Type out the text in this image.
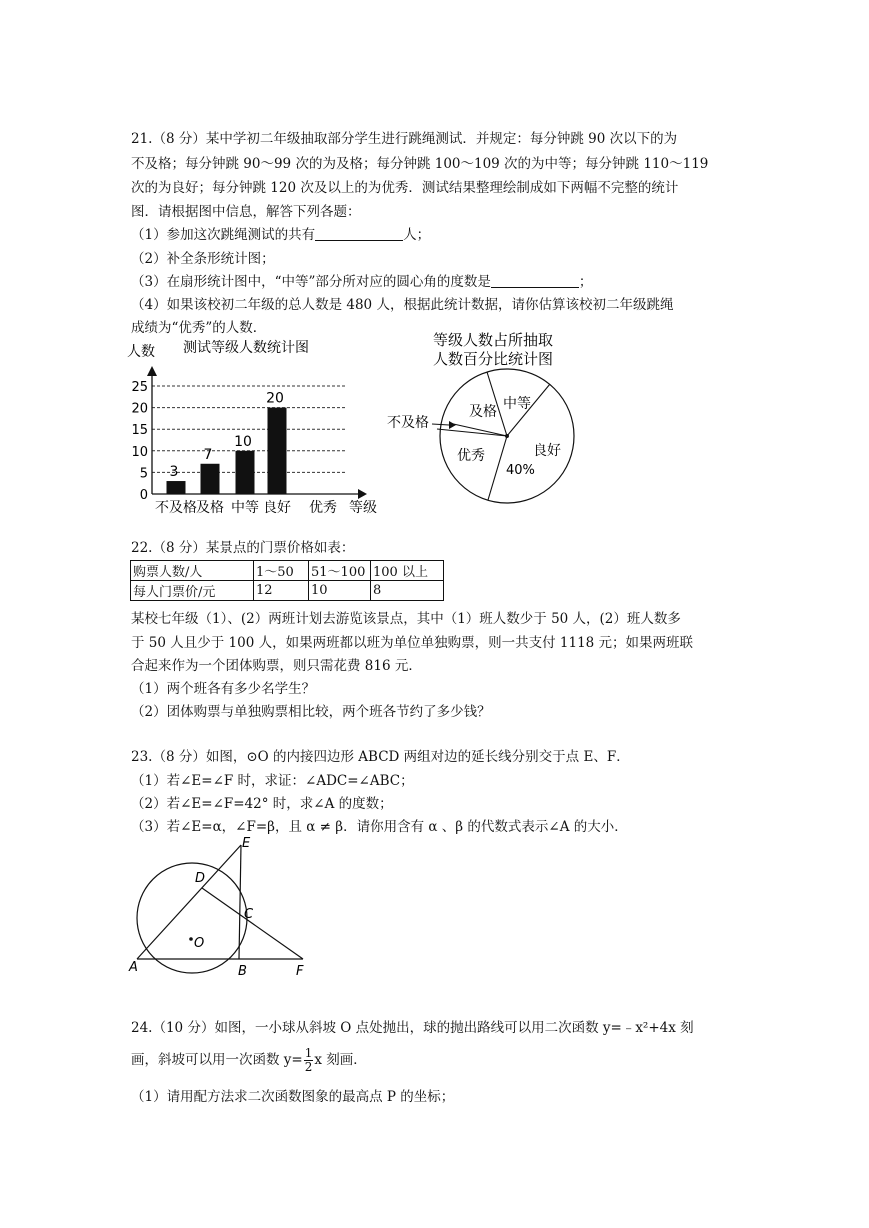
21.（8 分）某中学初二年级抽取部分学生进行跳绳测试．并规定：每分钟跳 90 次以下的为
不及格；每分钟跳 90～99 次的为及格；每分钟跳 100～109 次的为中等；每分钟跳 110～119
次的为良好；每分钟跳 120 次及以上的为优秀．测试结果整理绘制成如下两幅不完整的统计
图．请根据图中信息，解答下列各题：
（1）参加这次跳绳测试的共有	人；
（2）补全条形统计图；
（3）在扇形统计图中，“中等”部分所对应的圆心角的度数是	；
（4）如果该校初二年级的总人数是 480 人，根据此统计数据，请你估算该校初二年级跳绳
成绩为“优秀”的人数．
人数 测试等级人数统计图
0
5
10
15
20
25
3
不及格
7
及格
10
中等
20
良好 优秀 等级
等级人数占所抽取
人数百分比统计图
不及格
及格 中等
良好
优秀
40%
22.（8 分）某景点的门票价格如表：
购票人数/人	1～50	51～100	100 以上
每人门票价/元	12	10	8
某校七年级（1）、(2）两班计划去游览该景点，其中（1）班人数少于 50 人，(2）班人数多
于 50 人且少于 100 人，如果两班都以班为单位单独购票，则一共支付 1118 元；如果两班联
合起来作为一个团体购票，则只需花费 816 元．
（1）两个班各有多少名学生？
（2）团体购票与单独购票相比较，两个班各节约了多少钱？
23.（8 分）如图，⊙O 的内接四边形 ABCD 两组对边的延长线分别交于点 E、F．
（1）若∠E=∠F 时，求证：∠ADC=∠ABC；
（2）若∠E=∠F=42° 时，求∠A 的度数；
（3）若∠E=α，∠F=β，且 α ≠ β．请你用含有 α 、β 的代数式表示∠A 的大小．
E
D
C
O
A	B	F
24.（10 分）如图，一小球从斜坡 O 点处抛出，球的抛出路线可以用二次函数 y=﹣x²+4x 刻
画，斜坡可以用一次函数 $y= \frac{1}{2}$ x 刻画．
（1）请用配方法求二次函数图象的最高点 P 的坐标；
